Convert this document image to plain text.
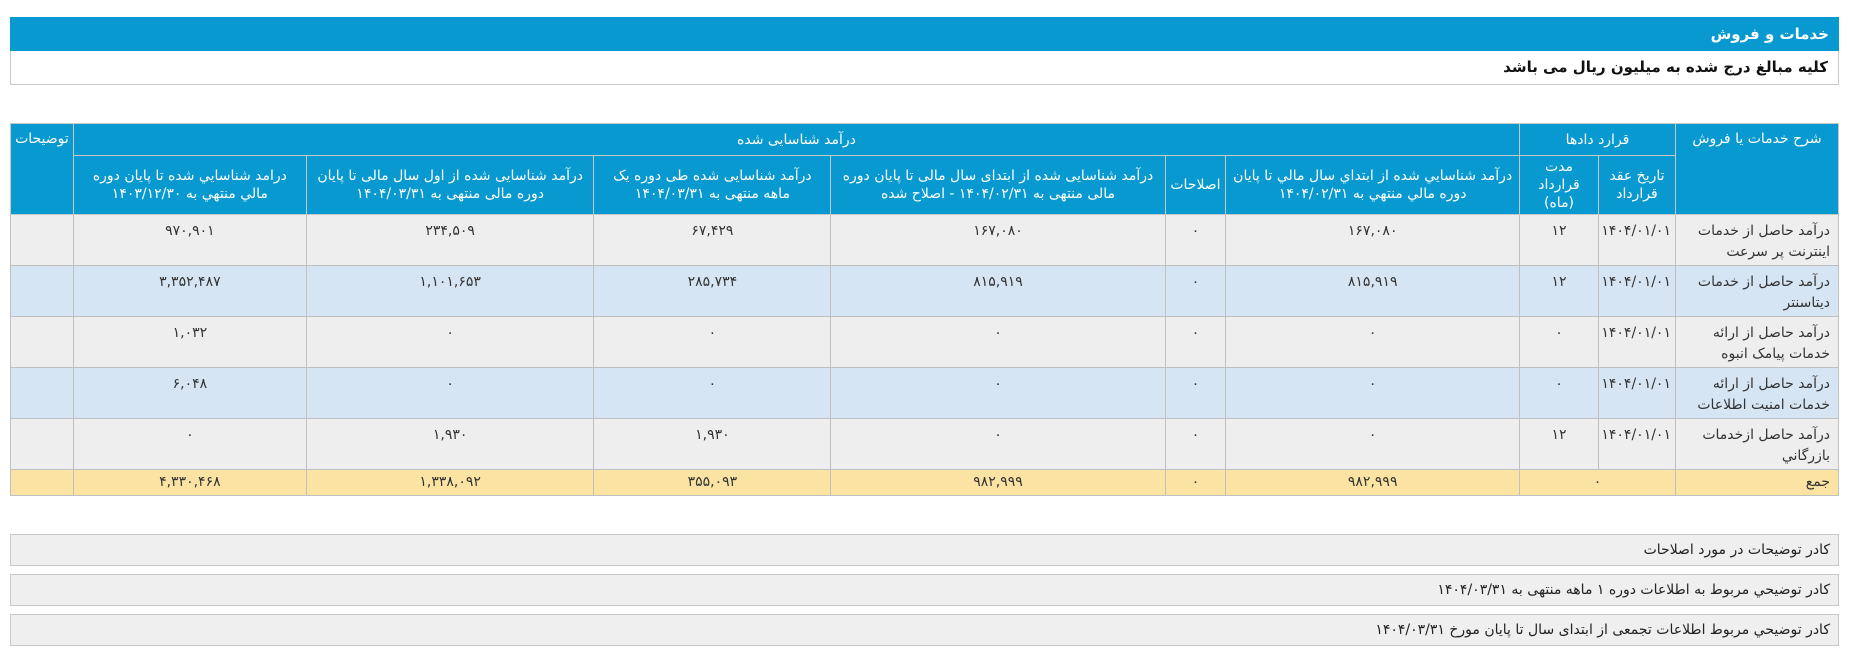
خدمات و فروش
کلیه مبالغ درج شده به میلیون ریال می باشد
شرح خدمات یا فروش	قرارد دادها		درآمد شناسایی شده						توضیحات
	تاریخ عقد قرارداد	مدت قرارداد (ماه)	درآمد شناسايي شده از ابتداي سال مالي تا پايان دوره مالي منتهي به ۱۴۰۴/۰۲/۳۱	اصلاحات	درآمد شناسایی شده از ابتدای سال مالی تا پایان دوره مالی منتهی به ۱۴۰۴/۰۲/۳۱ - اصلاح شده	درآمد شناسایی شده طی دوره یک ماهه منتهی به ۱۴۰۴/۰۳/۳۱	درآمد شناسایی شده از اول سال مالی تا پایان دوره مالی منتهی به ۱۴۰۴/۰۳/۳۱	درامد شناسايي شده تا پايان دوره مالي منتهي به ۱۴۰۳/۱۲/۳۰	
درآمد حاصل از خدمات اینترنت پر سرعت	۱۴۰۴/۰۱/۰۱	۱۲	۱۶۷,۰۸۰	۰	۱۶۷,۰۸۰	۶۷,۴۲۹	۲۳۴,۵۰۹	۹۷۰,۹۰۱	
درآمد حاصل از خدمات دیتاسنتر	۱۴۰۴/۰۱/۰۱	۱۲	۸۱۵,۹۱۹	۰	۸۱۵,۹۱۹	۲۸۵,۷۳۴	۱,۱۰۱,۶۵۳	۳,۳۵۲,۴۸۷	
درآمد حاصل از ارائه خدمات پیامک انبوه	۱۴۰۴/۰۱/۰۱	۰	۰	۰	۰	۰	۰	۱,۰۳۲	
درآمد حاصل از ارائه خدمات امنیت اطلاعات	۱۴۰۴/۰۱/۰۱	۰	۰	۰	۰	۰	۰	۶,۰۴۸	
درآمد حاصل ازخدمات بازرگاني	۱۴۰۴/۰۱/۰۱	۱۲	۰	۰	۰	۱,۹۳۰	۱,۹۳۰	۰	
جمع	۰		۹۸۲,۹۹۹	۰	۹۸۲,۹۹۹	۳۵۵,۰۹۳	۱,۳۳۸,۰۹۲	۴,۳۳۰,۴۶۸	
کادر توضیحات در مورد اصلاحات
کادر توضیحي مربوط به اطلاعات دوره ۱ ماهه منتهی به ۱۴۰۴/۰۳/۳۱
کادر توضیحي مربوط اطلاعات تجمعی از ابتدای سال تا پایان مورخ ۱۴۰۴/۰۳/۳۱
